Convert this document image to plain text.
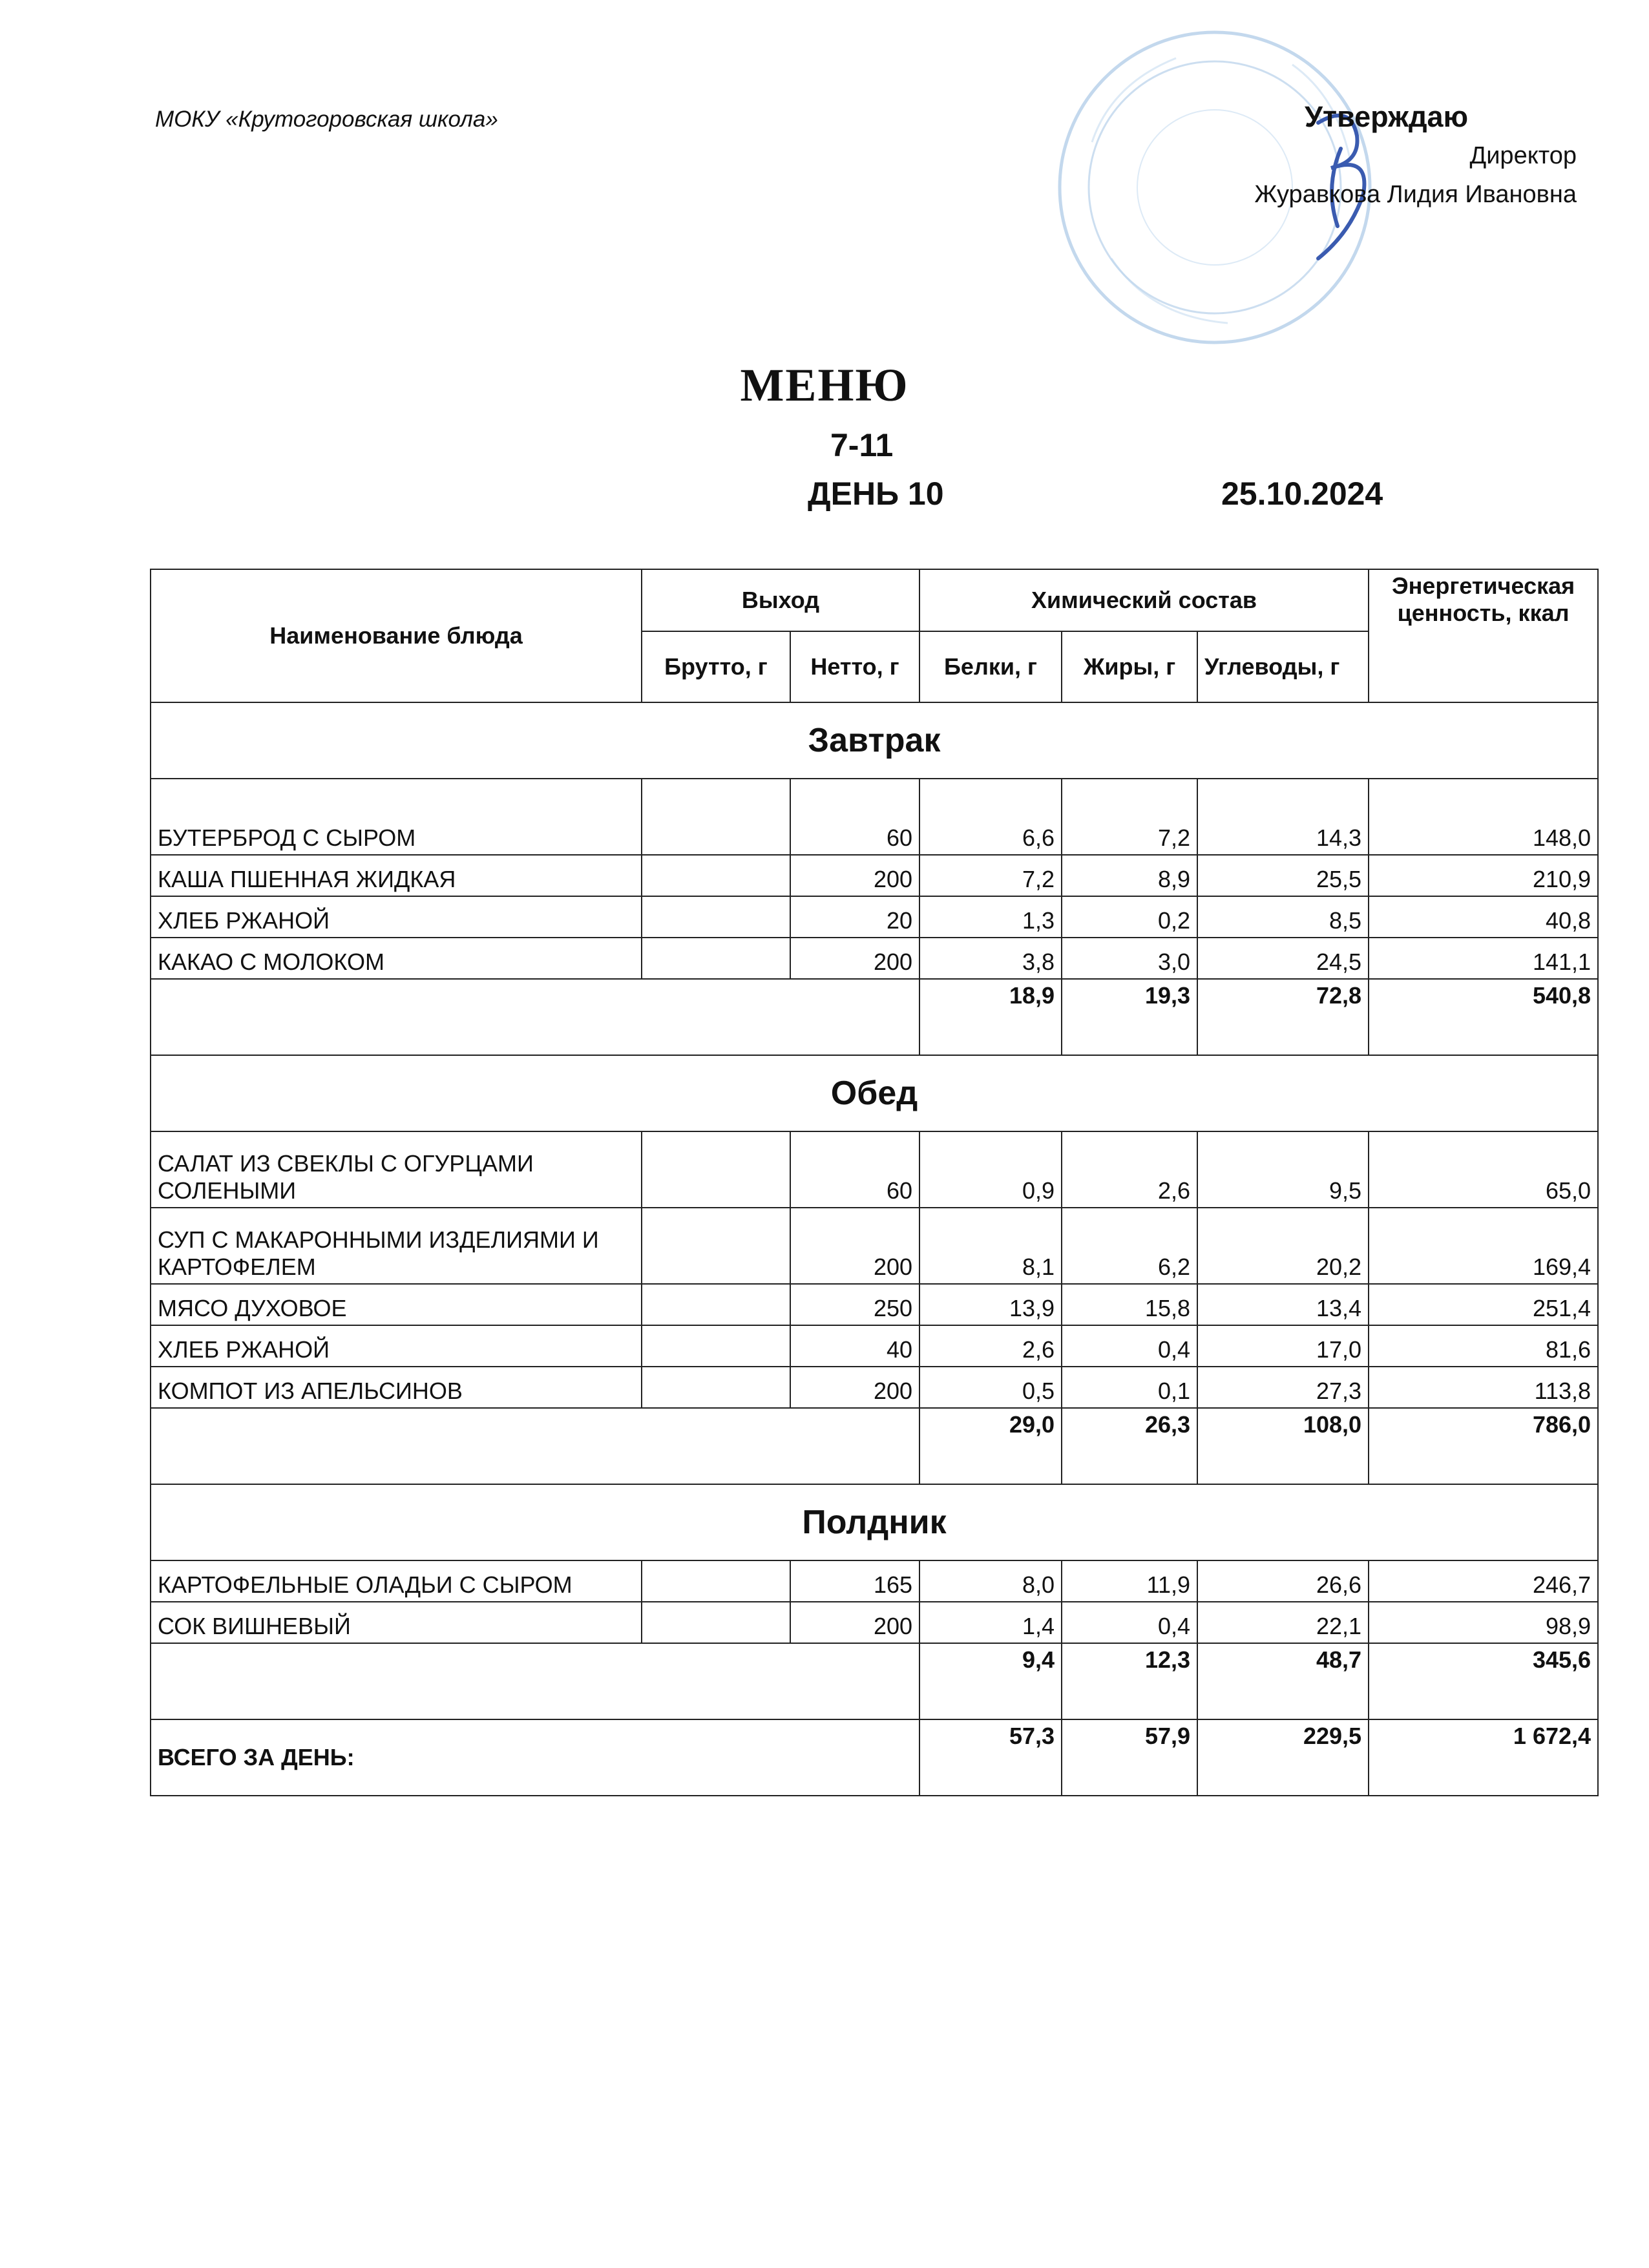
МОКУ «Крутогоровская школа»	Утверждаю
Директор
Журавкова Лидия Ивановна
МЕНЮ
7-11
ДЕНЬ 10	25.10.2024
Наименование блюда	Выход		Химический состав			Энергетическая ценность, ккал
	Брутто, г	Нетто, г	Белки, г	Жиры, г	Углеводы, г	
Завтрак						
БУТЕРБРОД С СЫРОМ		60	6,6	7,2	14,3	148,0
КАША ПШЕННАЯ ЖИДКАЯ		200	7,2	8,9	25,5	210,9
ХЛЕБ РЖАНОЙ		20	1,3	0,2	8,5	40,8
КАКАО С МОЛОКОМ		200	3,8	3,0	24,5	141,1
			18,9	19,3	72,8	540,8
Обед						
САЛАТ ИЗ СВЕКЛЫ С ОГУРЦАМИ СОЛЕНЫМИ		60	0,9	2,6	9,5	65,0
СУП С МАКАРОННЫМИ ИЗДЕЛИЯМИ И КАРТОФЕЛЕМ		200	8,1	6,2	20,2	169,4
МЯСО ДУХОВОЕ		250	13,9	15,8	13,4	251,4
ХЛЕБ РЖАНОЙ		40	2,6	0,4	17,0	81,6
КОМПОТ ИЗ АПЕЛЬСИНОВ		200	0,5	0,1	27,3	113,8
			29,0	26,3	108,0	786,0
Полдник						
КАРТОФЕЛЬНЫЕ ОЛАДЬИ С СЫРОМ		165	8,0	11,9	26,6	246,7
СОК ВИШНЕВЫЙ		200	1,4	0,4	22,1	98,9
			9,4	12,3	48,7	345,6
ВСЕГО ЗА ДЕНЬ:			57,3	57,9	229,5	1 672,4
